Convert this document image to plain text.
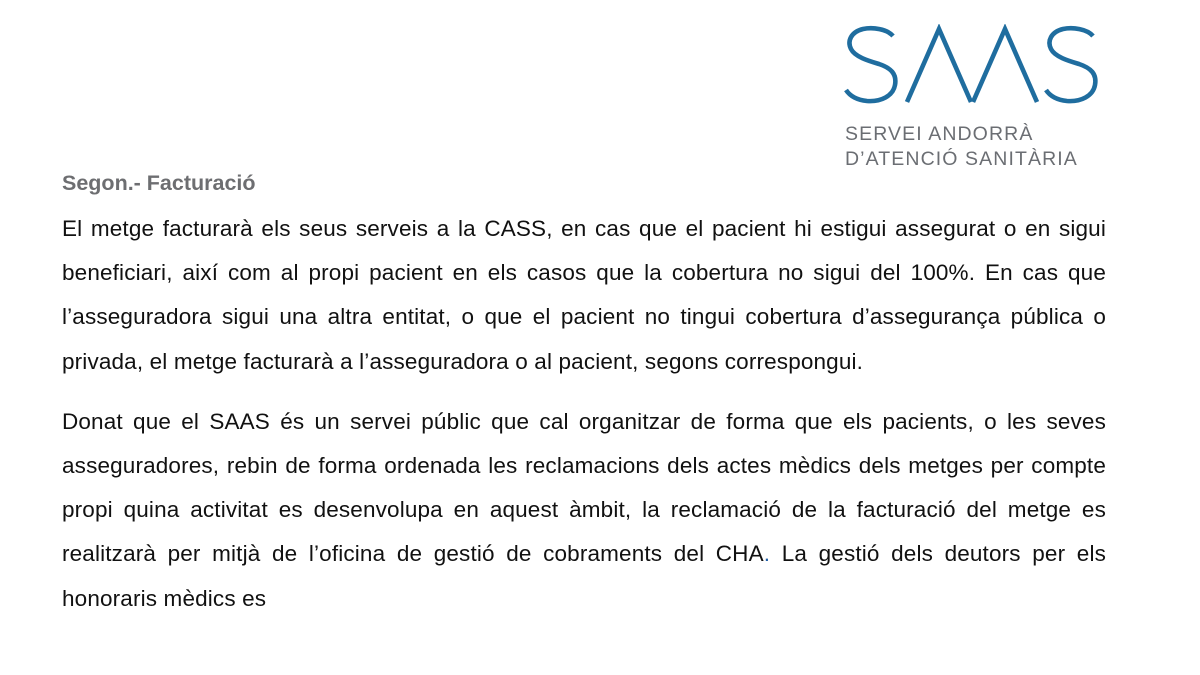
SERVEI ANDORRÀ
D’ATENCIÓ SANITÀRIA
Segon.- Facturació

El metge facturarà els seus serveis a la CASS, en cas que el pacient hi estigui assegurat o en sigui beneficiari, així com al propi pacient en els casos que la cobertura no sigui del 100%. En cas que l’asseguradora sigui una altra entitat, o que el pacient no tingui cobertura d’assegurança pública o privada, el metge facturarà a l’asseguradora o al pacient, segons correspongui.

Donat que el SAAS és un servei públic que cal organitzar de forma que els pacients, o les seves asseguradores, rebin de forma ordenada les reclamacions dels actes mèdics dels metges per compte propi quina activitat es desenvolupa en aquest àmbit, la reclamació de la facturació del metge es realitzarà per mitjà de l’oficina de gestió de cobraments del CHA. La gestió dels deutors per els honoraris mèdics es
